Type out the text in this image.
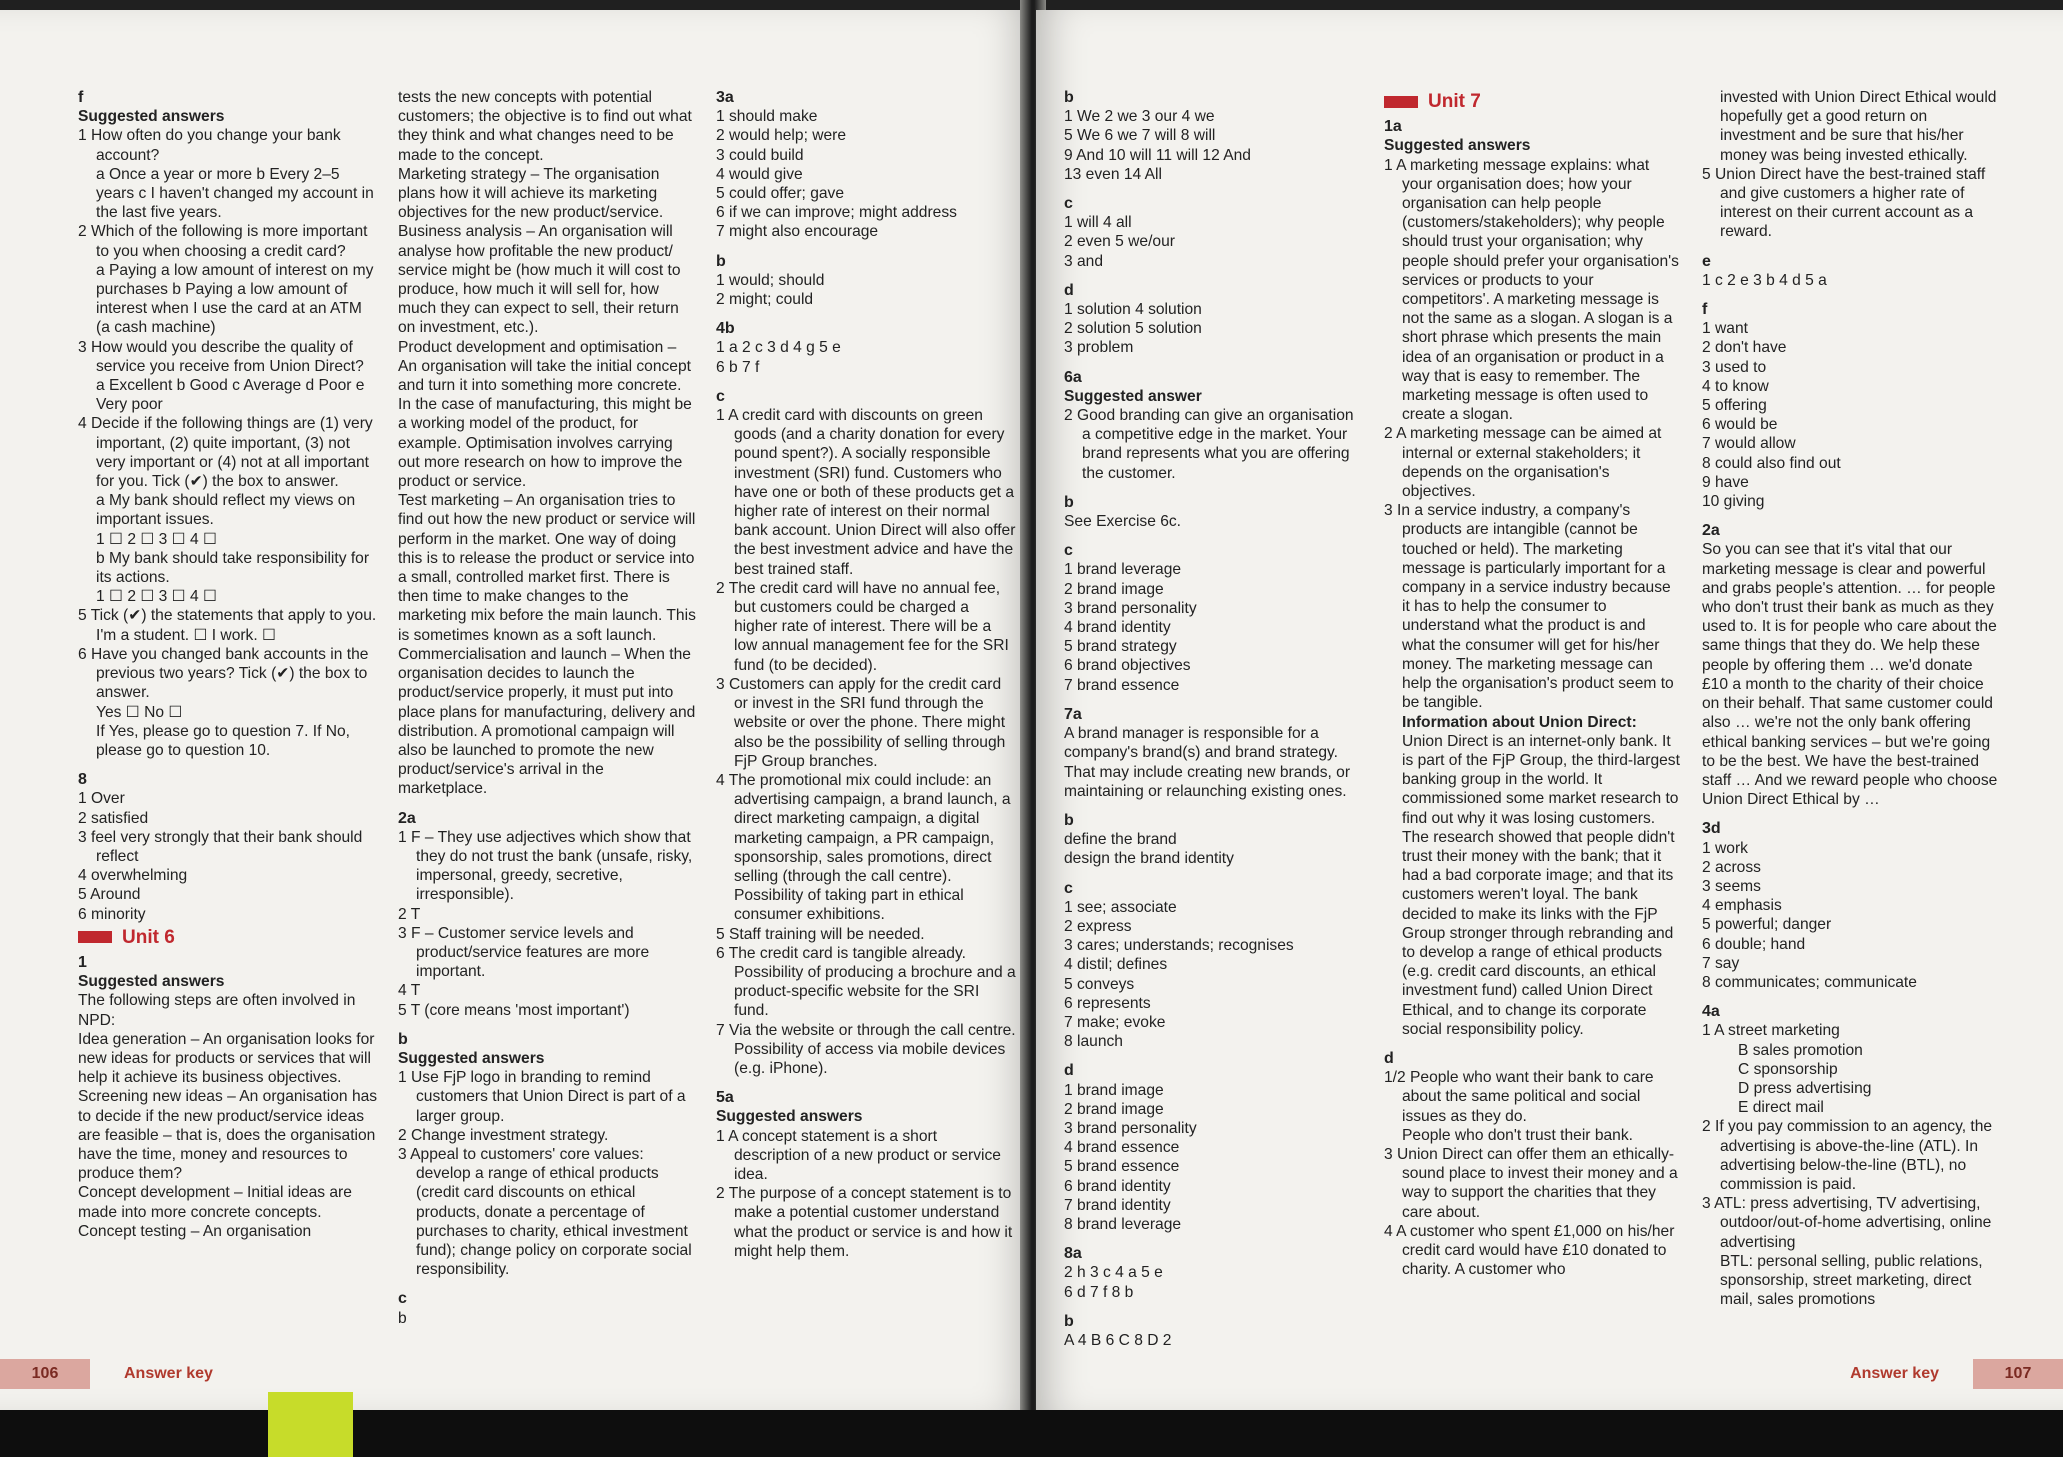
f

Suggested answers

1 How often do you change your bank account?

a Once a year or more b Every 2–5 years c I haven't changed my account in the last five years.

2 Which of the following is more important to you when choosing a credit card?

a Paying a low amount of interest on my purchases b Paying a low amount of interest when I use the card at an ATM (a cash machine)

3 How would you describe the quality of service you receive from Union Direct?

a Excellent b Good c Average d Poor e Very poor

4 Decide if the following things are (1) very important, (2) quite important, (3) not very important or (4) not at all important for you. Tick (✔) the box to answer.

a My bank should reflect my views on important issues.

1 ☐ 2 ☐ 3 ☐ 4 ☐

b My bank should take responsibility for its actions.

1 ☐ 2 ☐ 3 ☐ 4 ☐

5 Tick (✔) the statements that apply to you.

I'm a student. ☐ I work. ☐

6 Have you changed bank accounts in the previous two years? Tick (✔) the box to answer.

Yes ☐ No ☐

If Yes, please go to question 7. If No, please go to question 10.

8

1 Over

2 satisfied

3 feel very strongly that their bank should reflect

4 overwhelming

5 Around

6 minority

Unit 6

1

Suggested answers

The following steps are often involved in NPD:

Idea generation – An organisation looks for new ideas for products or services that will help it achieve its business objectives.

Screening new ideas – An organisation has to decide if the new product/service ideas are feasible – that is, does the organisation have the time, money and resources to produce them?

Concept development – Initial ideas are made into more concrete concepts.

Concept testing – An organisation

tests the new concepts with potential customers; the objective is to find out what they think and what changes need to be made to the concept.

Marketing strategy – The organisation plans how it will achieve its marketing objectives for the new product/service.

Business analysis – An organisation will analyse how profitable the new product/ service might be (how much it will cost to produce, how much it will sell for, how much they can expect to sell, their return on investment, etc.).

Product development and optimisation – An organisation will take the initial concept and turn it into something more concrete. In the case of manufacturing, this might be a working model of the product, for example. Optimisation involves carrying out more research on how to improve the product or service.

Test marketing – An organisation tries to find out how the new product or service will perform in the market. One way of doing this is to release the product or service into a small, controlled market first. There is then time to make changes to the marketing mix before the main launch. This is sometimes known as a soft launch.

Commercialisation and launch – When the organisation decides to launch the product/service properly, it must put into place plans for manufacturing, delivery and distribution. A promotional campaign will also be launched to promote the new product/service's arrival in the marketplace.

2a

1 F – They use adjectives which show that they do not trust the bank (unsafe, risky, impersonal, greedy, secretive, irresponsible).

2 T

3 F – Customer service levels and product/service features are more important.

4 T

5 T (core means 'most important')

b

Suggested answers

1 Use FjP logo in branding to remind customers that Union Direct is part of a larger group.

2 Change investment strategy.

3 Appeal to customers' core values: develop a range of ethical products (credit card discounts on ethical products, donate a percentage of purchases to charity, ethical investment fund); change policy on corporate social responsibility.

c

b

3a

1 should make

2 would help; were

3 could build

4 would give

5 could offer; gave

6 if we can improve; might address

7 might also encourage

b

1 would; should

2 might; could

4b

1 a 2 c 3 d 4 g 5 e

6 b 7 f

c

1 A credit card with discounts on green goods (and a charity donation for every pound spent?). A socially responsible investment (SRI) fund. Customers who have one or both of these products get a higher rate of interest on their normal bank account. Union Direct will also offer the best investment advice and have the best trained staff.

2 The credit card will have no annual fee, but customers could be charged a higher rate of interest. There will be a low annual management fee for the SRI fund (to be decided).

3 Customers can apply for the credit card or invest in the SRI fund through the website or over the phone. There might also be the possibility of selling through FjP Group branches.

4 The promotional mix could include: an advertising campaign, a brand launch, a direct marketing campaign, a digital marketing campaign, a PR campaign, sponsorship, sales promotions, direct selling (through the call centre). Possibility of taking part in ethical consumer exhibitions.

5 Staff training will be needed.

6 The credit card is tangible already. Possibility of producing a brochure and a product-specific website for the SRI fund.

7 Via the website or through the call centre. Possibility of access via mobile devices (e.g. iPhone).

5a

Suggested answers

1 A concept statement is a short description of a new product or service idea.

2 The purpose of a concept statement is to make a potential customer understand what the product or service is and how it might help them.

106	Answer key

b

1 We 2 we 3 our 4 we

5 We 6 we 7 will 8 will

9 And 10 will 11 will 12 And

13 even 14 All

c

1 will 4 all

2 even 5 we/our

3 and

d

1 solution 4 solution

2 solution 5 solution

3 problem

6a

Suggested answer

2 Good branding can give an organisation a competitive edge in the market. Your brand represents what you are offering the customer.

b

See Exercise 6c.

c

1 brand leverage

2 brand image

3 brand personality

4 brand identity

5 brand strategy

6 brand objectives

7 brand essence

7a

A brand manager is responsible for a company's brand(s) and brand strategy. That may include creating new brands, or maintaining or relaunching existing ones.

b

define the brand

design the brand identity

c

1 see; associate

2 express

3 cares; understands; recognises

4 distil; defines

5 conveys

6 represents

7 make; evoke

8 launch

d

1 brand image

2 brand image

3 brand personality

4 brand essence

5 brand essence

6 brand identity

7 brand identity

8 brand leverage

8a

2 h 3 c 4 a 5 e

6 d 7 f 8 b

b

A 4 B 6 C 8 D 2

Unit 7

1a

Suggested answers

1 A marketing message explains: what your organisation does; how your organisation can help people (customers/stakeholders); why people should trust your organisation; why people should prefer your organisation's services or products to your competitors'. A marketing message is not the same as a slogan. A slogan is a short phrase which presents the main idea of an organisation or product in a way that is easy to remember. The marketing message is often used to create a slogan.

2 A marketing message can be aimed at internal or external stakeholders; it depends on the organisation's objectives.

3 In a service industry, a company's products are intangible (cannot be touched or held). The marketing message is particularly important for a company in a service industry because it has to help the consumer to understand what the product is and what the consumer will get for his/her money. The marketing message can help the organisation's product seem to be tangible.

Information about Union Direct:

Union Direct is an internet-only bank. It is part of the FjP Group, the third-largest banking group in the world. It commissioned some market research to find out why it was losing customers. The research showed that people didn't trust their money with the bank; that it had a bad corporate image; and that its customers weren't loyal. The bank decided to make its links with the FjP Group stronger through rebranding and to develop a range of ethical products (e.g. credit card discounts, an ethical investment fund) called Union Direct Ethical, and to change its corporate social responsibility policy.

d

1/2 People who want their bank to care about the same political and social issues as they do.

People who don't trust their bank.

3 Union Direct can offer them an ethically-sound place to invest their money and a way to support the charities that they care about.

4 A customer who spent £1,000 on his/her credit card would have £10 donated to charity. A customer who

invested with Union Direct Ethical would hopefully get a good return on investment and be sure that his/her money was being invested ethically.

5 Union Direct have the best-trained staff and give customers a higher rate of interest on their current account as a reward.

e

1 c 2 e 3 b 4 d 5 a

f

1 want

2 don't have

3 used to

4 to know

5 offering

6 would be

7 would allow

8 could also find out

9 have

10 giving

2a

So you can see that it's vital that our marketing message is clear and powerful and grabs people's attention. … for people who don't trust their bank as much as they used to. It is for people who care about the same things that they do. We help these people by offering them … we'd donate £10 a month to the charity of their choice on their behalf. That same customer could also … we're not the only bank offering ethical banking services – but we're going to be the best. We have the best-trained staff … And we reward people who choose Union Direct Ethical by …

3d

1 work

2 across

3 seems

4 emphasis

5 powerful; danger

6 double; hand

7 say

8 communicates; communicate

4a

1 A street marketing

B sales promotion

C sponsorship

D press advertising

E direct mail

2 If you pay commission to an agency, the advertising is above-the-line (ATL). In advertising below-the-line (BTL), no commission is paid.

3 ATL: press advertising, TV advertising, outdoor/out-of-home advertising, online advertising

BTL: personal selling, public relations, sponsorship, street marketing, direct mail, sales promotions

Answer key	107
